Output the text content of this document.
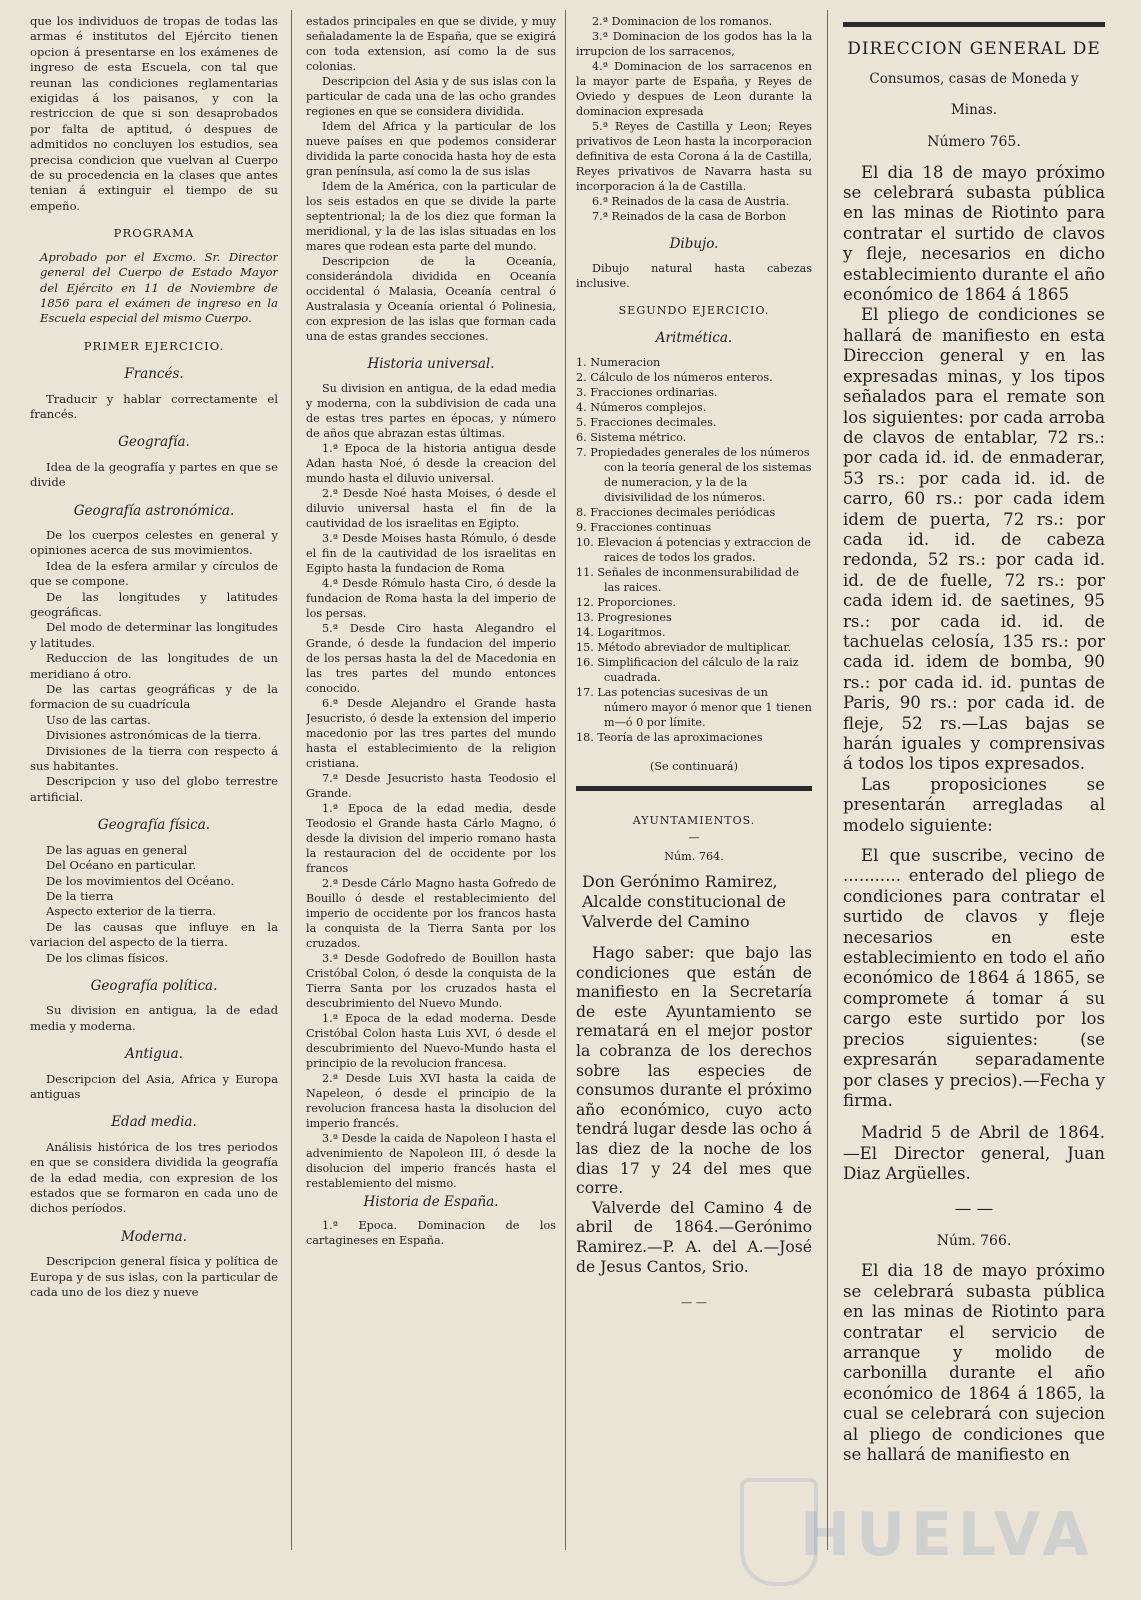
que los individuos de tropas de todas las armas é institutos del Ejército tienen opcion á presentarse en los exámenes de ingreso de esta Escuela, con tal que reunan las condiciones reglamentarias exigidas á los paisanos, y con la restriccion de que si son desaprobados por falta de aptitud, ó despues de admitidos no concluyen los estudios, sea precisa condicion que vuelvan al Cuerpo de su procedencia en la clases que antes tenian á extinguir el tiempo de su empeño.

PROGRAMA
Aprobado por el Excmo. Sr. Director general del Cuerpo de Estado Mayor del Ejército en 11 de Noviembre de 1856 para el exámen de ingreso en la Escuela especial del mismo Cuerpo.
PRIMER EJERCICIO.
Francés.

Traducir y hablar correctamente el francés.

Geografía.

Idea de la geografía y partes en que se divide

Geografía astronómica.

De los cuerpos celestes en general y opiniones acerca de sus movimientos.

Idea de la esfera armilar y círculos de que se compone.

De las longitudes y latitudes geográficas.

Del modo de determinar las longitudes y latitudes.

Reduccion de las longitudes de un meridiano á otro.

De las cartas geográficas y de la formacion de su cuadrícula

Uso de las cartas.

Divisiones astronómicas de la tierra.

Divisiones de la tierra con respecto á sus habitantes.

Descripcion y uso del globo terrestre artificial.

Geografía física.

De las aguas en general

Del Océano en particular.

De los movimientos del Océano.

De la tierra

Aspecto exterior de la tierra.

De las causas que influye en la variacion del aspecto de la tierra.

De los climas físicos.

Geografía política.

Su division en antigua, la de edad media y moderna.

Antigua.

Descripcion del Asia, Africa y Europa antiguas

Edad media.

Análisis histórica de los tres periodos en que se considera dividida la geografía de la edad media, con expresion de los estados que se formaron en cada uno de dichos períodos.

Moderna.

Descripcion general física y política de Europa y de sus islas, con la particular de cada uno de los diez y nueve

estados principales en que se divide, y muy señaladamente la de España, que se exigirá con toda extension, así como la de sus colonias.

Descripcion del Asia y de sus islas con la particular de cada una de las ocho grandes regiones en que se considera dividida.

Idem del Africa y la particular de los nueve países en que podemos considerar dividida la parte conocida hasta hoy de esta gran península, así como la de sus islas

Idem de la América, con la particular de los seis estados en que se divide la parte septentrional; la de los diez que forman la meridional, y la de las islas situadas en los mares que rodean esta parte del mundo.

Descripcion de la Oceanía, considerándola dividida en Oceanía occidental ó Malasia, Oceanía central ó Australasia y Oceanía oriental ó Polinesia, con expresion de las islas que forman cada una de estas grandes secciones.

Historia universal.

Su division en antigua, de la edad media y moderna, con la subdivision de cada una de estas tres partes en épocas, y número de años que abrazan estas últimas.

1.ª Epoca de la historia antigua desde Adan hasta Noé, ó desde la creacion del mundo hasta el diluvio universal.

2.ª Desde Noé hasta Moises, ó desde el diluvio universal hasta el fin de la cautividad de los israelitas en Egipto.

3.ª Desde Moises hasta Rómulo, ó desde el fin de la cautividad de los israelitas en Egipto hasta la fundacion de Roma

4.ª Desde Rómulo hasta Ciro, ó desde la fundacion de Roma hasta la del imperio de los persas.

5.ª Desde Ciro hasta Alegandro el Grande, ó desde la fundacion del imperio de los persas hasta la del de Macedonia en las tres partes del mundo entonces conocido.

6.ª Desde Alejandro el Grande hasta Jesucristo, ó desde la extension del imperio macedonio por las tres partes del mundo hasta el establecimiento de la religion cristiana.

7.ª Desde Jesucristo hasta Teodosio el Grande.

1.ª Epoca de la edad media, desde Teodosio el Grande hasta Cárlo Magno, ó desde la division del imperio romano hasta la restauracion del de occidente por los francos

2.ª Desde Cárlo Magno hasta Gofredo de Bouillo ó desde el restablecimiento del imperio de occidente por los francos hasta la conquista de la Tierra Santa por los cruzados.

3.ª Desde Godofredo de Bouillon hasta Cristóbal Colon, ó desde la conquista de la Tierra Santa por los cruzados hasta el descubrimiento del Nuevo Mundo.

1.ª Epoca de la edad moderna. Desde Cristóbal Colon hasta Luis XVI, ó desde el descubrimiento del Nuevo-Mundo hasta el principio de la revolucion francesa.

2.ª Desde Luis XVI hasta la caida de Napeleon, ó desde el principio de la revolucion francesa hasta la disolucion del imperio francés.

3.ª Desde la caida de Napoleon I hasta el advenimiento de Napoleon III, ó desde la disolucion del imperio francés hasta el restablemiento del mismo.

Historia de España.

1.ª Epoca. Dominacion de los cartagineses en España.

2.ª Dominacion de los romanos.

3.ª Dominacion de los godos has la la irrupcion de los sarracenos,

4.ª Dominacion de los sarracenos en la mayor parte de España, y Reyes de Oviedo y despues de Leon durante la dominacion expresada

5.ª Reyes de Castilla y Leon; Reyes privativos de Leon hasta la incorporacion definitiva de esta Corona á la de Castilla, Reyes privativos de Navarra hasta su incorporacion á la de Castilla.

6.ª Reinados de la casa de Austria.

7.ª Reinados de la casa de Borbon

Dibujo.

Dibujo natural hasta cabezas inclusive.

SEGUNDO EJERCICIO.
Aritmética.
1. Numeracion
2. Cálculo de los números enteros.
3. Fracciones ordinarias.
4. Números complejos.
5. Fracciones decimales.
6. Sistema métrico.
7. Propiedades generales de los números con la teoría general de los sistemas de numeracion, y la de la divisivilidad de los números.
8. Fracciones decimales periódicas
9. Fracciones continuas
10. Elevacion á potencias y extraccion de raices de todos los grados.
11. Señales de inconmensurabilidad de las raices.
12. Proporciones.
13. Progresiones
14. Logaritmos.
15. Método abreviador de multiplicar.
16. Simplificacion del cálculo de la raiz cuadrada.
17. Las potencias sucesivas de un número mayor ó menor que 1 tienen m—ó 0 por límite.
18. Teoría de las aproximaciones
(Se continuará)
AYUNTAMIENTOS.
—
Núm. 764.
Don Gerónimo Ramirez, Alcalde constitucional de Valverde del Camino

Hago saber: que bajo las condiciones que están de manifiesto en la Secretaría de este Ayuntamiento se rematará en el mejor postor la cobranza de los derechos sobre las especies de consumos durante el próximo año económico, cuyo acto tendrá lugar desde las ocho á las diez de la noche de los dias 17 y 24 del mes que corre.

Valverde del Camino 4 de abril de 1864.—Gerónimo Ramirez.—P. A. del A.—José de Jesus Cantos, Srio.

— —
DIRECCION GENERAL DE
Consumos, casas de Moneda y
Minas.
Número 765.

El dia 18 de mayo próximo se celebrará subasta pública en las minas de Riotinto para contratar el surtido de clavos y fleje, necesarios en dicho establecimiento durante el año económico de 1864 á 1865

El pliego de condiciones se hallará de manifiesto en esta Direccion general y en las expresadas minas, y los tipos señalados para el remate son los siguientes: por cada arroba de clavos de entablar, 72 rs.: por cada id. id. de enmaderar, 53 rs.: por cada id. id. de carro, 60 rs.: por cada idem idem de puerta, 72 rs.: por cada id. id. de cabeza redonda, 52 rs.: por cada id. id. de de fuelle, 72 rs.: por cada idem id. de saetines, 95 rs.: por cada id. id. de tachuelas celosía, 135 rs.: por cada id. idem de bomba, 90 rs.: por cada id. id. puntas de Paris, 90 rs.: por cada id. de fleje, 52 rs.—Las bajas se harán iguales y comprensivas á todos los tipos expresados.

Las proposiciones se presentarán arregladas al modelo siguiente:

El que suscribe, vecino de ........... enterado del pliego de condiciones para contratar el surtido de clavos y fleje necesarios en este establecimiento en todo el año económico de 1864 á 1865, se compromete á tomar á su cargo este surtido por los precios siguientes: (se expresarán separadamente por clases y precios).—Fecha y firma.

Madrid 5 de Abril de 1864. —El Director general, Juan Diaz Argüelles.

— —
Núm. 766.

El dia 18 de mayo próximo se celebrará subasta pública en las minas de Riotinto para contratar el servicio de arranque y molido de carbonilla durante el año económico de 1864 á 1865, la cual se celebrará con sujecion al pliego de condiciones que se hallará de manifiesto en

HUELVA
